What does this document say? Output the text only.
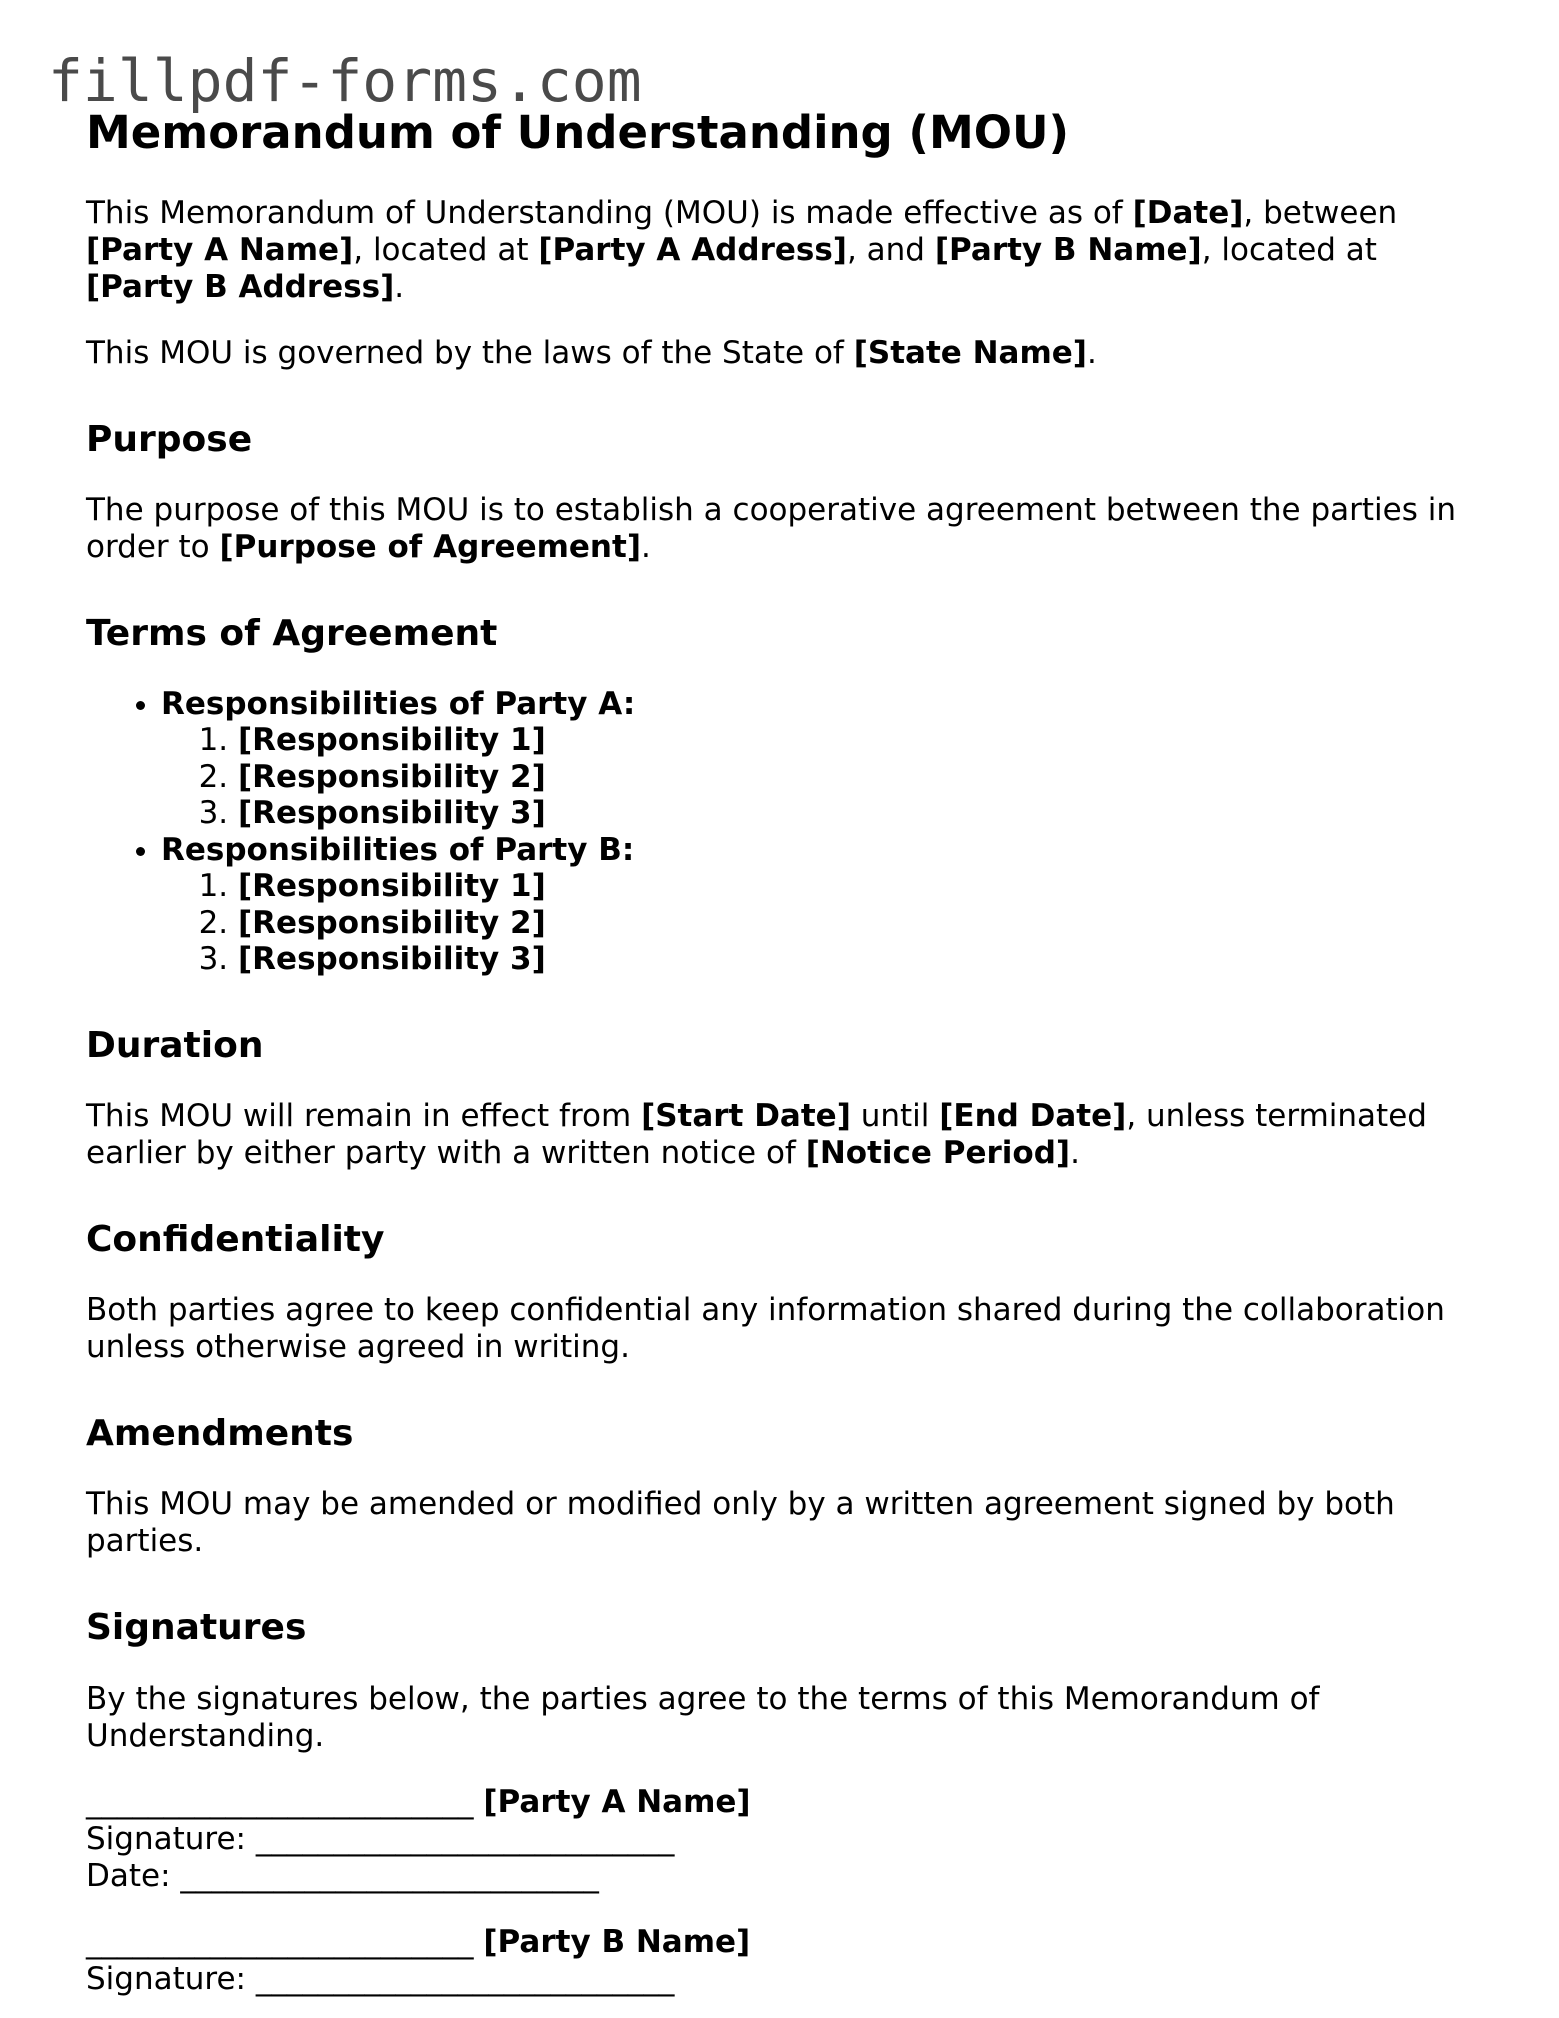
fillpdf-forms.com
Memorandum of Understanding (MOU)

This Memorandum of Understanding (MOU) is made effective as of [Date], between [Party A Name], located at [Party A Address], and [Party B Name], located at [Party B Address].

This MOU is governed by the laws of the State of [State Name].

Purpose

The purpose of this MOU is to establish a cooperative agreement between the parties in order to [Purpose of Agreement].

Terms of Agreement
• Responsibilities of Party A:
1. [Responsibility 1]
2. [Responsibility 2]
3. [Responsibility 3]
• Responsibilities of Party B:
1. [Responsibility 1]
2. [Responsibility 2]
3. [Responsibility 3]
Duration

This MOU will remain in effect from [Start Date] until [End Date], unless terminated earlier by either party with a written notice of [Notice Period].

Confidentiality

Both parties agree to keep confidential any information shared during the collaboration unless otherwise agreed in writing.

Amendments

This MOU may be amended or modified only by a written agreement signed by both parties.

Signatures

By the signatures below, the parties agree to the terms of this Memorandum of Understanding.

_________________________ [Party A Name]
Signature: ___________________________
Date: ___________________________
_________________________ [Party B Name]
Signature: ___________________________
